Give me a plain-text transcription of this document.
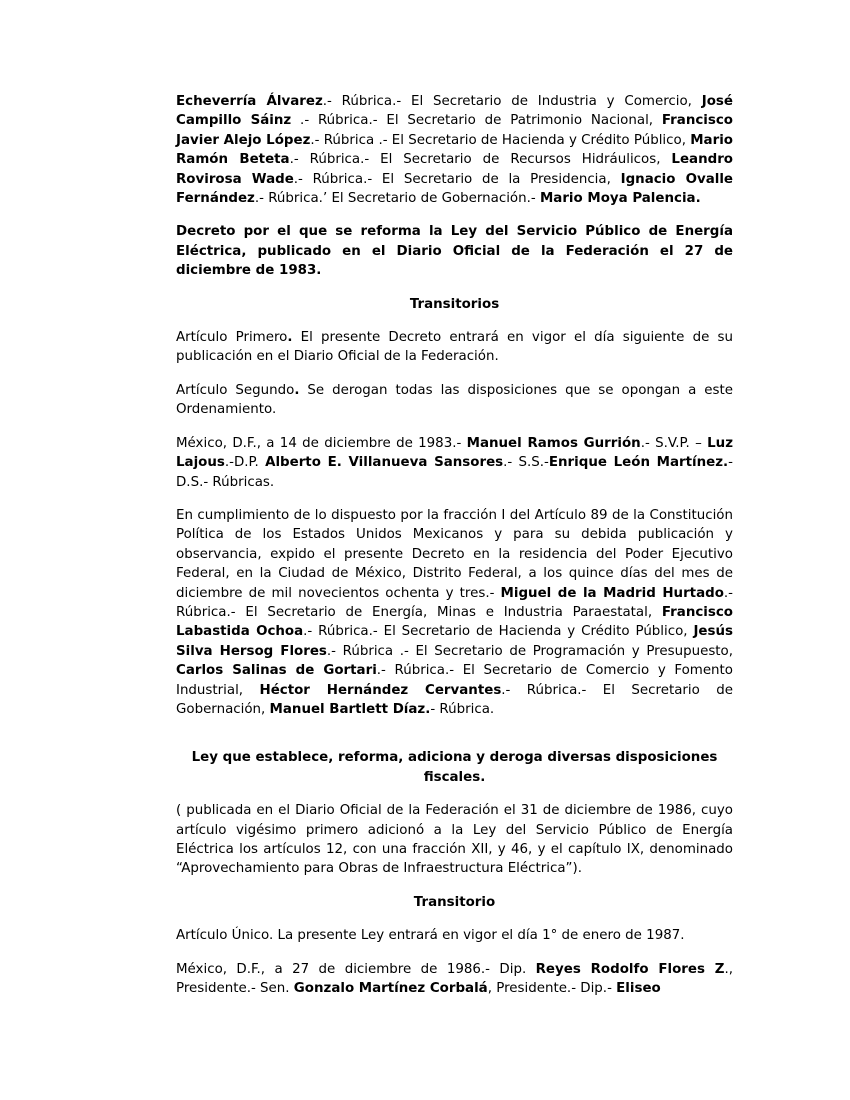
Echeverría Álvarez.- Rúbrica.- El Secretario de Industria y Comercio, José Campillo Sáinz .- Rúbrica.- El Secretario de Patrimonio Nacional, Francisco Javier Alejo López.- Rúbrica .- El Secretario de Hacienda y Crédito Público, Mario Ramón Beteta.- Rúbrica.- El Secretario de Recursos Hidráulicos, Leandro Rovirosa Wade.- Rúbrica.- El Secretario de la Presidencia, Ignacio Ovalle Fernández.- Rúbrica.’ El Secretario de Gobernación.- Mario Moya Palencia.
Decreto por el que se reforma la Ley del Servicio Público de Energía Eléctrica, publicado en el Diario Oficial de la Federación el 27 de diciembre de 1983.
Transitorios
Artículo Primero. El presente Decreto entrará en vigor el día siguiente de su publicación en el Diario Oficial de la Federación.
Artículo Segundo. Se derogan todas las disposiciones que se opongan a este Ordenamiento.
México, D.F., a 14 de diciembre de 1983.- Manuel Ramos Gurrión.- S.V.P. – Luz Lajous.-D.P. Alberto E. Villanueva Sansores.- S.S.-Enrique León Martínez.- D.S.- Rúbricas.
En cumplimiento de lo dispuesto por la fracción I del Artículo 89 de la Constitución Política de los Estados Unidos Mexicanos y para su debida publicación y observancia, expido el presente Decreto en la residencia del Poder Ejecutivo Federal, en la Ciudad de México, Distrito Federal, a los quince días del mes de diciembre de mil novecientos ochenta y tres.- Miguel de la Madrid Hurtado.- Rúbrica.- El Secretario de Energía, Minas e Industria Paraestatal, Francisco Labastida Ochoa.- Rúbrica.- El Secretario de Hacienda y Crédito Público, Jesús Silva Hersog Flores.- Rúbrica .- El Secretario de Programación y Presupuesto, Carlos Salinas de Gortari.- Rúbrica.- El Secretario de Comercio y Fomento Industrial, Héctor Hernández Cervantes.- Rúbrica.- El Secretario de Gobernación, Manuel Bartlett Díaz.- Rúbrica.
Ley que establece, reforma, adiciona y deroga diversas disposiciones fiscales.
( publicada en el Diario Oficial de la Federación el 31 de diciembre de 1986, cuyo artículo vigésimo primero adicionó a la Ley del Servicio Público de Energía Eléctrica los artículos 12, con una fracción XII, y 46, y el capítulo IX, denominado “Aprovechamiento para Obras de Infraestructura Eléctrica”).
Transitorio
Artículo Único. La presente Ley entrará en vigor el día 1° de enero de 1987.
México, D.F., a 27 de diciembre de 1986.- Dip. Reyes Rodolfo Flores Z., Presidente.- Sen. Gonzalo Martínez Corbalá, Presidente.- Dip.- Eliseo
